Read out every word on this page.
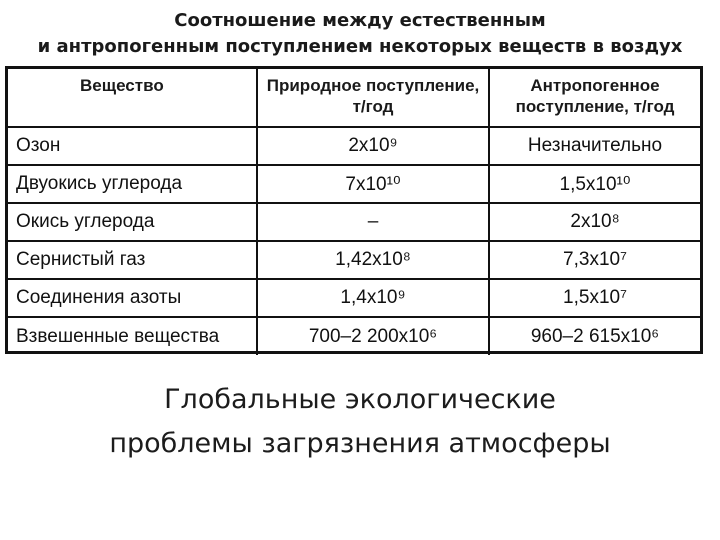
Соотношение между естественным
и антропогенным поступлением некоторых веществ в воздух
Вещество	Природное поступление, т/год	Антропогенное поступление, т/год
Озон	2x10⁹	Незначительно
Двуокись углерода	7x10¹⁰	1,5x10¹⁰
Окись углерода	–	2x10⁸
Сернистый газ	1,42x10⁸	7,3x10⁷
Соединения азоты	1,4x10⁹	1,5x10⁷
Взвешенные вещества	700–2 200x10⁶	960–2 615x10⁶
Глобальные экологические
проблемы загрязнения атмосферы
